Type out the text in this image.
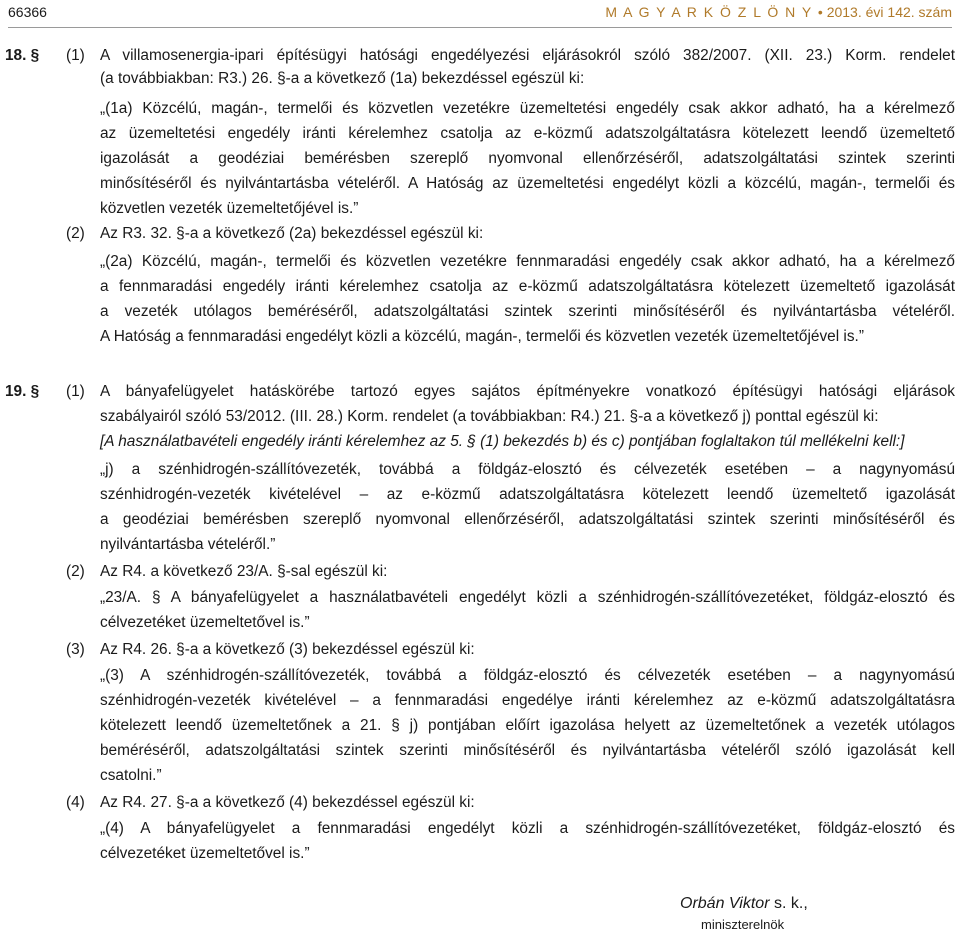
66366	M A G Y A R K Ö Z L Ö N Y • 2013. évi 142. szám
18. § (1) A villamosenergia-ipari építésügyi hatósági engedélyezési eljárásokról szóló 382/2007. (XII. 23.) Korm. rendelet
(a továbbiakban: R3.) 26. §-a a következő (1a) bekezdéssel egészül ki:
„(1a) Közcélú, magán-, termelői és közvetlen vezetékre üzemeltetési engedély csak akkor adható, ha a kérelmező
az üzemeltetési engedély iránti kérelemhez csatolja az e-közmű adatszolgáltatásra kötelezett leendő üzemeltető
igazolását a geodéziai bemérésben szereplő nyomvonal ellenőrzéséről, adatszolgáltatási szintek szerinti
minősítéséről és nyilvántartásba vételéről. A Hatóság az üzemeltetési engedélyt közli a közcélú, magán-, termelői és
közvetlen vezeték üzemeltetőjével is.”
(2) Az R3. 32. §-a a következő (2a) bekezdéssel egészül ki:
„(2a) Közcélú, magán-, termelői és közvetlen vezetékre fennmaradási engedély csak akkor adható, ha a kérelmező
a fennmaradási engedély iránti kérelemhez csatolja az e-közmű adatszolgáltatásra kötelezett üzemeltető igazolását
a vezeték utólagos beméréséről, adatszolgáltatási szintek szerinti minősítéséről és nyilvántartásba vételéről.
A Hatóság a fennmaradási engedélyt közli a közcélú, magán-, termelői és közvetlen vezeték üzemeltetőjével is.”
19. § (1) A bányafelügyelet hatáskörébe tartozó egyes sajátos építményekre vonatkozó építésügyi hatósági eljárások
szabályairól szóló 53/2012. (III. 28.) Korm. rendelet (a továbbiakban: R4.) 21. §-a a következő j) ponttal egészül ki:
[A használatbavételi engedély iránti kérelemhez az 5. § (1) bekezdés b) és c) pontjában foglaltakon túl mellékelni kell:]
„j) a szénhidrogén-szállítóvezeték, továbbá a földgáz-elosztó és célvezeték esetében – a nagynyomású
szénhidrogén-vezeték kivételével – az e-közmű adatszolgáltatásra kötelezett leendő üzemeltető igazolását
a geodéziai bemérésben szereplő nyomvonal ellenőrzéséről, adatszolgáltatási szintek szerinti minősítéséről és
nyilvántartásba vételéről.”
(2) Az R4. a következő 23/A. §-sal egészül ki:
„23/A. § A bányafelügyelet a használatbavételi engedélyt közli a szénhidrogén-szállítóvezetéket, földgáz-elosztó és
célvezetéket üzemeltetővel is.”
(3) Az R4. 26. §-a a következő (3) bekezdéssel egészül ki:
„(3) A szénhidrogén-szállítóvezeték, továbbá a földgáz-elosztó és célvezeték esetében – a nagynyomású
szénhidrogén-vezeték kivételével – a fennmaradási engedélye iránti kérelemhez az e-közmű adatszolgáltatásra
kötelezett leendő üzemeltetőnek a 21. § j) pontjában előírt igazolása helyett az üzemeltetőnek a vezeték utólagos
beméréséről, adatszolgáltatási szintek szerinti minősítéséről és nyilvántartásba vételéről szóló igazolását kell
csatolni.”
(4) Az R4. 27. §-a a következő (4) bekezdéssel egészül ki:
„(4) A bányafelügyelet a fennmaradási engedélyt közli a szénhidrogén-szállítóvezetéket, földgáz-elosztó és
célvezetéket üzemeltetővel is.”
Orbán Viktor s. k.,
miniszterelnök
